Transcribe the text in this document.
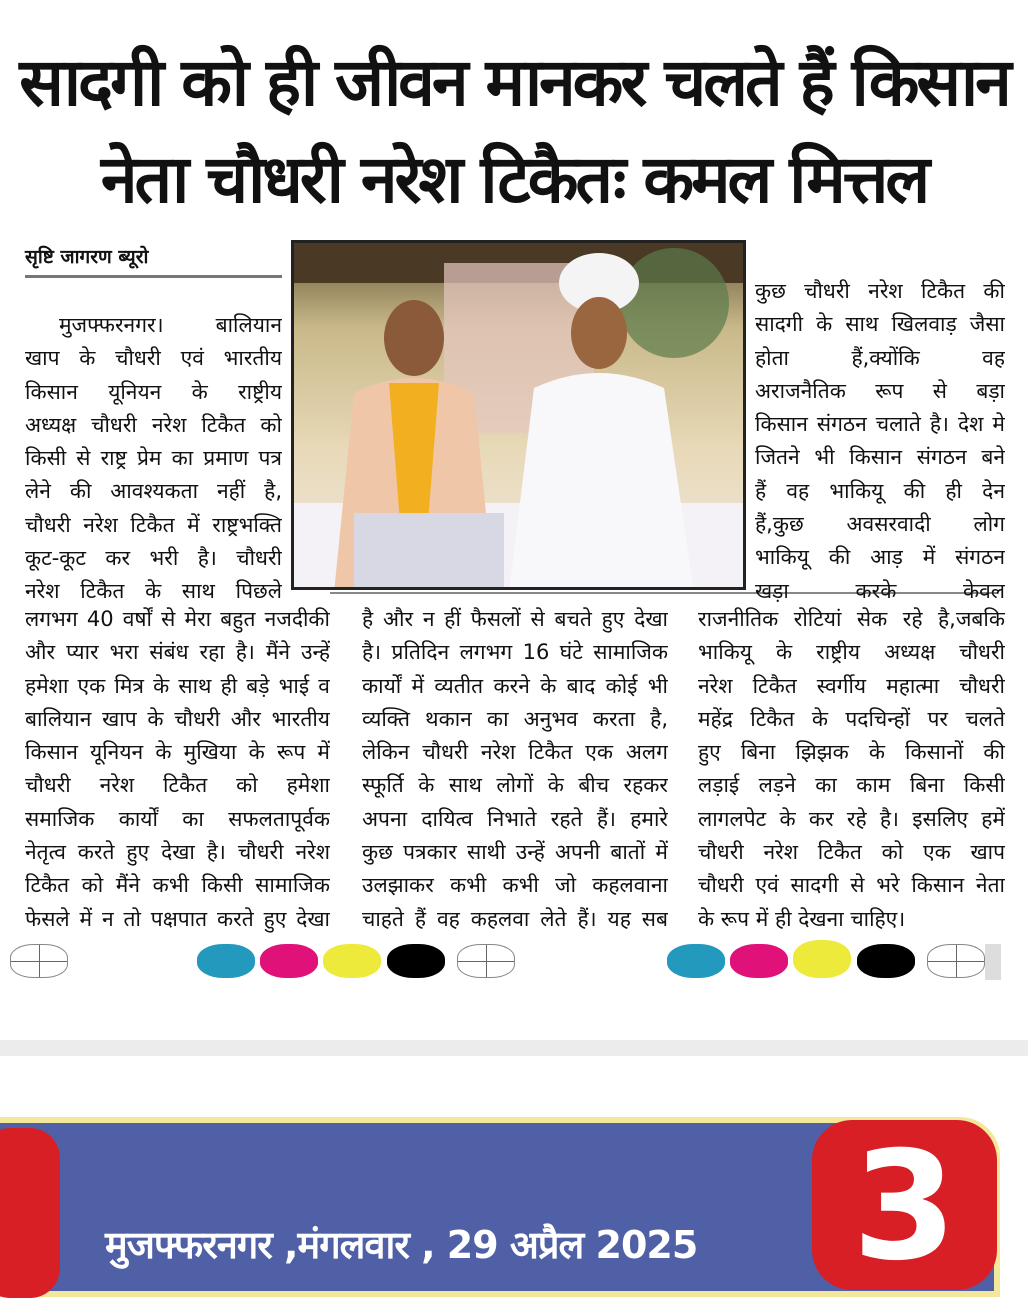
सादगी को ही जीवन मानकर चलते हैं किसान
नेता चौधरी नरेश टिकैतः कमल मित्तल
सृष्टि जागरण ब्यूरो
मुजफ्फरनगर। बालियान
खाप के चौधरी एवं भारतीय
किसान यूनियन के राष्ट्रीय
अध्यक्ष चौधरी नरेश टिकैत को
किसी से राष्ट्र प्रेम का प्रमाण पत्र
लेने की आवश्यकता नहीं है,
चौधरी नरेश टिकैत में राष्ट्रभक्ति
कूट-कूट कर भरी है। चौधरी
नरेश टिकैत के साथ पिछले
लगभग 40 वर्षों से मेरा बहुत नजदीकी
और प्यार भरा संबंध रहा है। मैंने उन्हें
हमेशा एक मित्र के साथ ही बड़े भाई व
बालियान खाप के चौधरी और भारतीय
किसान यूनियन के मुखिया के रूप में
चौधरी नरेश टिकैत को हमेशा
समाजिक कार्यों का सफलतापूर्वक
नेतृत्व करते हुए देखा है। चौधरी नरेश
टिकैत को मैंने कभी किसी सामाजिक
फेसले में न तो पक्षपात करते हुए देखा
है और न हीं फैसलों से बचते हुए देखा
है। प्रतिदिन लगभग 16 घंटे सामाजिक
कार्यों में व्यतीत करने के बाद कोई भी
व्यक्ति थकान का अनुभव करता है,
लेकिन चौधरी नरेश टिकैत एक अलग
स्फूर्ति के साथ लोगों के बीच रहकर
अपना दायित्व निभाते रहते हैं। हमारे
कुछ पत्रकार साथी उन्हें अपनी बातों में
उलझाकर कभी कभी जो कहलवाना
चाहते हैं वह कहलवा लेते हैं। यह सब
कुछ चौधरी नरेश टिकैत की
सादगी के साथ खिलवाड़ जैसा
होता हैं,क्योंकि वह
अराजनैतिक रूप से बड़ा
किसान संगठन चलाते है। देश मे
जितने भी किसान संगठन बने
हैं वह भाकियू की ही देन
हैं,कुछ अवसरवादी लोग
भाकियू की आड़ में संगठन
खड़ा करके केवल
राजनीतिक रोटियां सेक रहे है,जबकि
भाकियू के राष्ट्रीय अध्यक्ष चौधरी
नरेश टिकैत स्वर्गीय महात्मा चौधरी
महेंद्र टिकैत के पदचिन्हों पर चलते
हुए बिना झिझक के किसानों की
लड़ाई लड़ने का काम बिना किसी
लागलपेट के कर रहे है। इसलिए हमें
चौधरी नरेश टिकैत को एक खाप
चौधरी एवं सादगी से भरे किसान नेता
के रूप में ही देखना चाहिए।
3
मुजफ्फरनगर ,मंगलवार , 29 अप्रैल 2025
